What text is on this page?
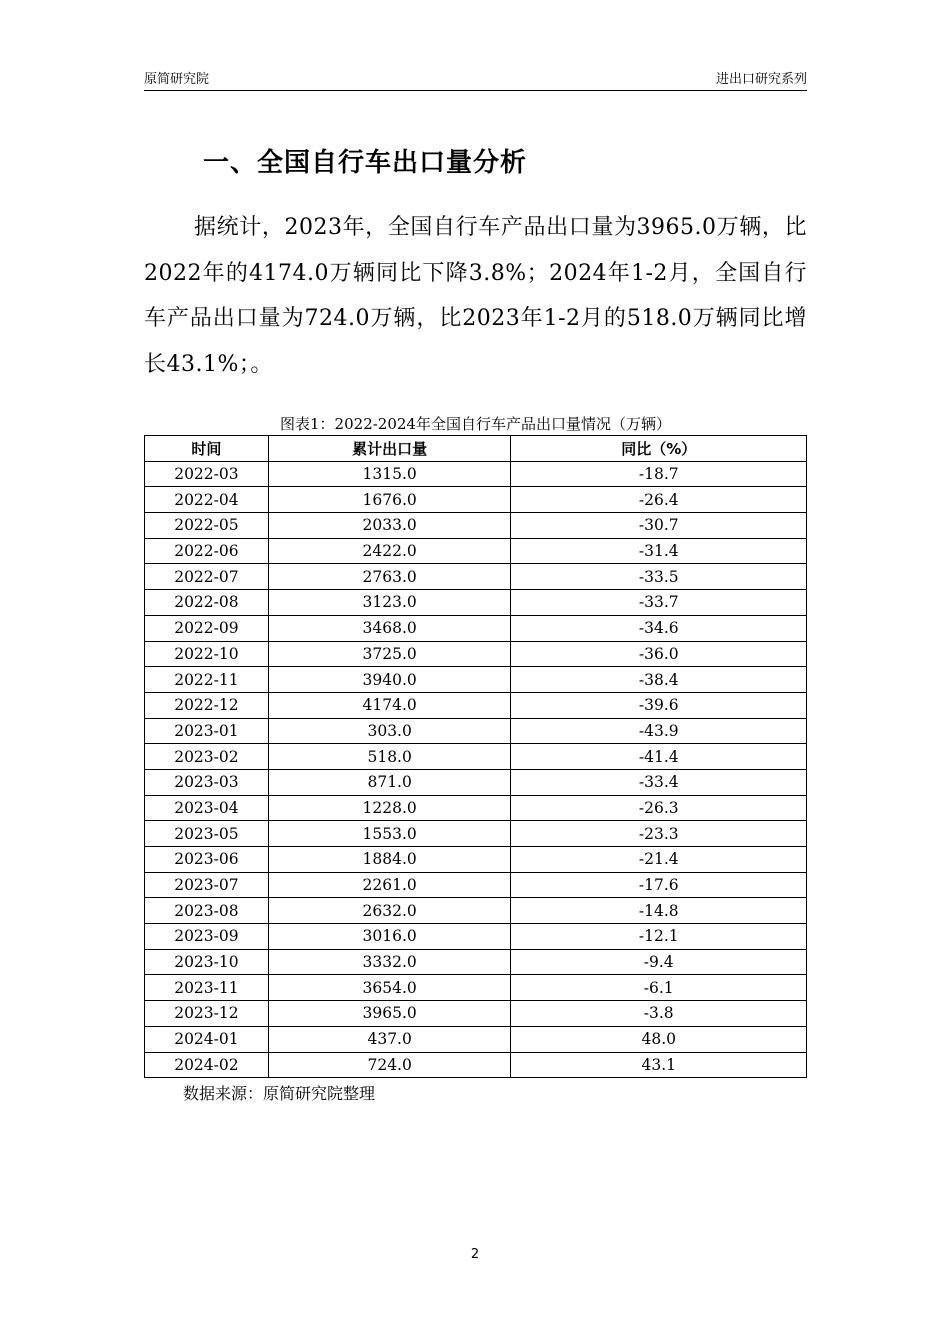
原简研究院	进出口研究系列
一、全国自行车出口量分析

据统计，2023年，全国自行车产品出口量为3965.0万辆，比2022年的4174.0万辆同比下降3.8%；2024年1-2月，全国自行车产品出口量为724.0万辆，比2023年1-2月的518.0万辆同比增长43.1%；。

图表1：2022-2024年全国自行车产品出口量情况（万辆）
时间	累计出口量	同比（%）
2022-03	1315.0	-18.7
2022-04	1676.0	-26.4
2022-05	2033.0	-30.7
2022-06	2422.0	-31.4
2022-07	2763.0	-33.5
2022-08	3123.0	-33.7
2022-09	3468.0	-34.6
2022-10	3725.0	-36.0
2022-11	3940.0	-38.4
2022-12	4174.0	-39.6
2023-01	303.0	-43.9
2023-02	518.0	-41.4
2023-03	871.0	-33.4
2023-04	1228.0	-26.3
2023-05	1553.0	-23.3
2023-06	1884.0	-21.4
2023-07	2261.0	-17.6
2023-08	2632.0	-14.8
2023-09	3016.0	-12.1
2023-10	3332.0	-9.4
2023-11	3654.0	-6.1
2023-12	3965.0	-3.8
2024-01	437.0	48.0
2024-02	724.0	43.1
数据来源：原简研究院整理
2
